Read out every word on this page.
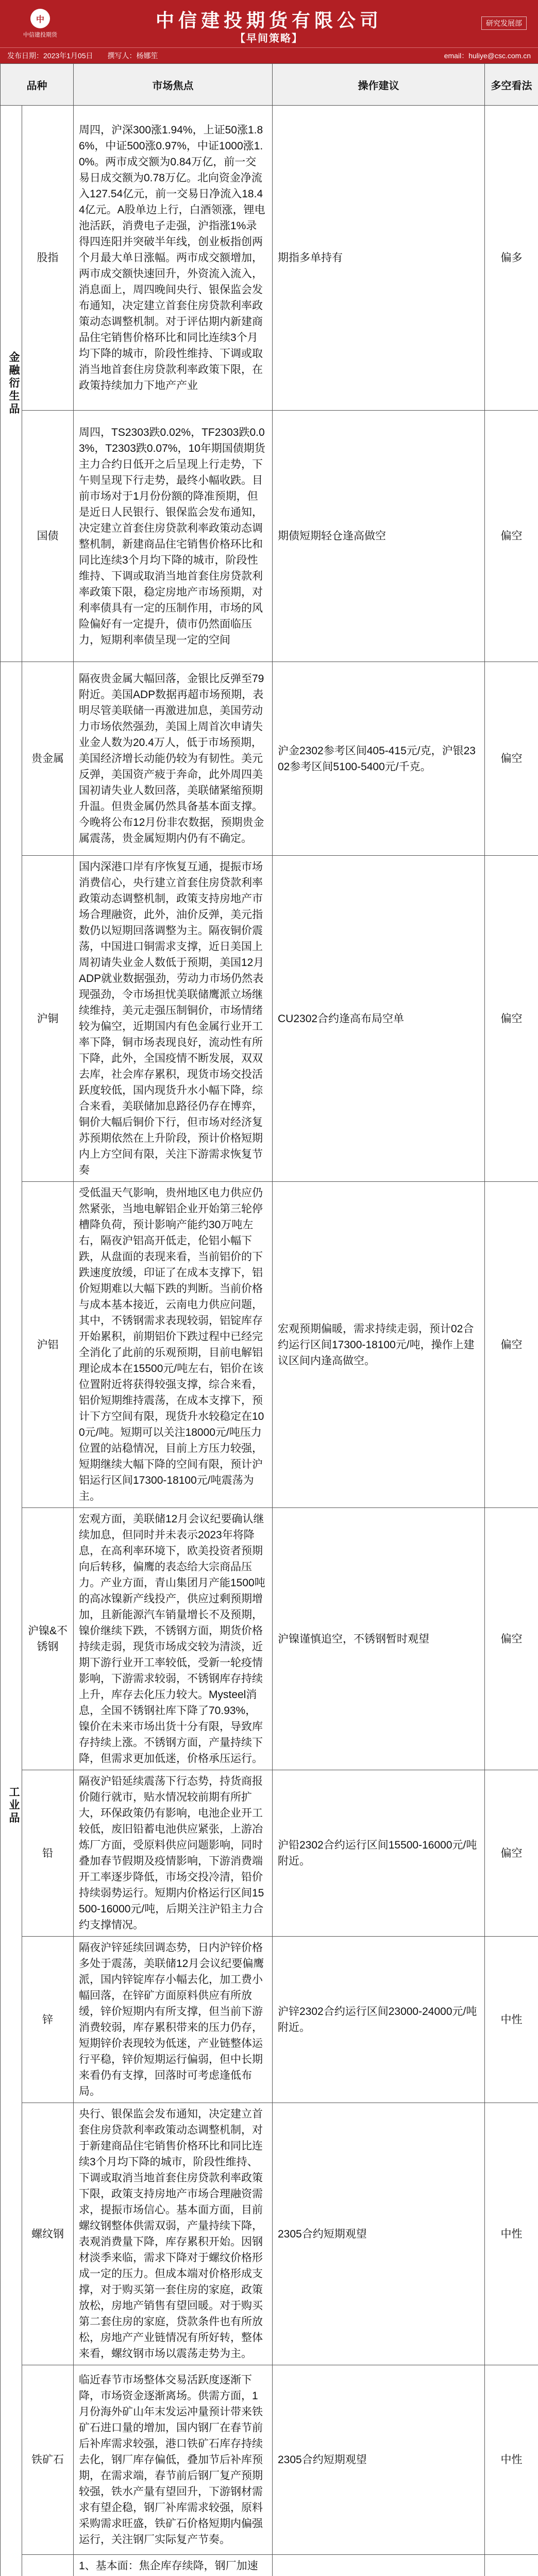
中
中信建投期货
中信建投期货有限公司
【早间策略】
研究发展部
发布日期：2023年1月05日	撰写人：杨娜笙	email：huliye@csc.com.cn
品种		市场焦点	操作建议	多空看法

金融衍生品	股指	周四，沪深300涨1.94%，上证50涨1.86%，中证500涨0.97%，中证1000涨1.0%。两市成交额为0.84万亿，前一交易日成交额为0.78万亿。北向资金净流入127.54亿元，前一交易日净流入18.44亿元。A股单边上行，白酒领涨，锂电池活跃，消费电子走强，沪指涨1%录得四连阳并突破半年线，创业板指创两个月最大单日涨幅。两市成交额增加，两市成交额快速回升，外资流入流入，消息面上，周四晚间央行、银保监会发布通知，决定建立首套住房贷款利率政策动态调整机制。对于评估期内新建商品住宅销售价格环比和同比连续3个月均下降的城市，阶段性维持、下调或取消当地首套住房贷款利率政策下限，在政策持续加力下地产产业	期指多单持有	偏多
	国债	周四，TS2303跌0.02%，TF2303跌0.03%，T2303跌0.07%，10年期国债期货主力合约日低开之后呈现上行走势，下午则呈现下行走势，最终小幅收跌。目前市场对于1月份份额的降准预期，但是近日人民银行、银保监会发布通知，决定建立首套住房贷款利率政策动态调整机制，新建商品住宅销售价格环比和同比连续3个月均下降的城市，阶段性维持、下调或取消当地首套住房贷款利率政策下限，稳定房地产市场预期，对利率债具有一定的压制作用，市场的风险偏好有一定提升，债市仍然面临压力，短期利率债呈现一定的空间	期债短期轻仓逢高做空	偏空

工业品	贵金属	隔夜贵金属大幅回落，金银比反弹至79附近。美国ADP数据再超市场预期，表明尽管美联储一再激进加息，美国劳动力市场依然强劲，美国上周首次申请失业金人数为20.4万人，低于市场预期，美国经济增长动能仍较为有韧性。美元反弹，美国资产疲于奔命，此外周四美国初请失业人数回落，美联储紧缩预期升温。但贵金属仍然具备基本面支撑。今晚将公布12月份非农数据，预期贵金属震荡，贵金属短期内仍有不确定。	沪金2302参考区间405-415元/克，沪银2302参考区间5100-5400元/千克。	偏空
	沪铜	国内深港口岸有序恢复互通，提振市场消费信心，央行建立首套住房贷款利率政策动态调整机制，政策支持房地产市场合理融资，此外，油价反弹，美元指数仍以短期回落调整为主。隔夜铜价震荡，中国进口铜需求支撑，近日美国上周初请失业金人数低于预期，美国12月ADP就业数据强劲，劳动力市场仍然表现强劲，令市场担忧美联储鹰派立场继续维持，美元走强压制铜价，市场情绪较为偏空，近期国内有色金属行业开工率下降，铜市场表现良好，流动性有所下降，此外，全国疫情不断发展，双双去库，社会库存累积，现货市场交投活跃度较低，国内现货升水小幅下降，综合来看，美联储加息路径仍存在博弈，铜价大幅后铜价下行，但市场对经济复苏预期依然在上升阶段，预计价格短期内上方空间有限，关注下游需求恢复节奏	CU2302合约逢高布局空单	偏空
	沪铝	受低温天气影响，贵州地区电力供应仍然紧张，当地电解铝企业开始第三轮停槽降负荷，预计影响产能约30万吨左右，隔夜沪铝高开低走，伦铝小幅下跌，从盘面的表现来看，当前铝价的下跌速度放缓，印证了在成本支撑下，铝价短期难以大幅下跌的判断。当前价格与成本基本接近，云南电力供应问题，其中，不锈钢需求表现较弱，铝锭库存开始累积，前期铝价下跌过程中已经完全消化了此前的乐观预期，目前电解铝理论成本在15500元/吨左右，铝价在该位置附近将获得较强支撑，综合来看，铝价短期维持震荡，在成本支撑下，预计下方空间有限，现货升水较稳定在100元/吨。短期可以关注18000元/吨压力位置的站稳情况，目前上方压力较强，短期继续大幅下降的空间有限，预计沪铝运行区间17300-18100元/吨震荡为主。	宏观预期偏暖，需求持续走弱，预计02合约运行区间17300-18100元/吨，操作上建议区间内逢高做空。	偏空
	沪镍&不锈钢	宏观方面，美联储12月会议纪要确认继续加息，但同时并未表示2023年将降息，在高利率环境下，欧美投资者预期向后转移，偏鹰的表态给大宗商品压力。产业方面，青山集团月产能1500吨的高冰镍新产线投产，供应过剩预期增加，且新能源汽车销量增长不及预期，镍价继续下跌，不锈钢方面，期货价格持续走弱，现货市场成交较为清淡，近期下游行业开工率较低，受新一轮疫情影响，下游需求较弱，不锈钢库存持续上升，库存去化压力较大。Mysteel消息，全国不锈钢社库下降了70.93%，镍价在未来市场出货十分有限，导致库存持续上涨。不锈钢方面，产量持续下降，但需求更加低迷，价格承压运行。	沪镍谨慎追空，不锈钢暂时观望	偏空
	铅	隔夜沪铅延续震荡下行态势，持货商报价随行就市，贴水情况较前期有所扩大，环保政策仍有影响，电池企业开工较低，废旧铅蓄电池供应紧张，上游冶炼厂方面，受原料供应问题影响，同时叠加春节假期及疫情影响，下游消费端开工率逐步降低，市场交投冷清，铅价持续弱势运行。短期内价格运行区间15500-16000元/吨，后期关注沪铅主力合约支撑情况。	沪铅2302合约运行区间15500-16000元/吨附近。	偏空
	锌	隔夜沪锌延续回调态势，日内沪锌价格多处于震荡，美联储12月会议纪要偏鹰派，国内锌锭库存小幅去化，加工费小幅回落，在锌矿方面原料供应有所放缓，锌价短期内有所支撑，但当前下游消费较弱，库存累积带来的压力仍存，短期锌价表现较为低迷，产业链整体运行平稳，锌价短期运行偏弱，但中长期来看仍有支撑，回落时可考虑逢低布局。	沪锌2302合约运行区间23000-24000元/吨附近。	中性
	螺纹钢	央行、银保监会发布通知，决定建立首套住房贷款利率政策动态调整机制，对于新建商品住宅销售价格环比和同比连续3个月均下降的城市，阶段性维持、下调或取消当地首套住房贷款利率政策下限，政策支持房地产市场合理融资需求，提振市场信心。基本面方面，目前螺纹钢整体供需双弱，产量持续下降，表观消费量下降，库存累积开始。因钢材淡季来临，需求下降对于螺纹价格形成一定的压力。但成本端对价格形成支撑，对于购买第一套住房的家庭，政策放松，房地产销售有望回暖。对于购买第二套住房的家庭，贷款条件也有所放松，房地产产业链情况有所好转，整体来看，螺纹钢市场以震荡走势为主。	2305合约短期观望	中性
	铁矿石	临近春节市场整体交易活跃度逐渐下降，市场资金逐渐离场。供需方面，1月份海外矿山年末发运冲量预计带来铁矿石进口量的增加，国内钢厂在春节前后补库需求较强，港口铁矿石库存持续去化，钢厂库存偏低，叠加节后补库预期，在需求端，春节前后钢厂复产预期较强，铁水产量有望回升，下游钢材需求有望企稳，钢厂补库需求较强，原料采购需求旺盛，铁矿石价格短期内偏强运行，关注钢厂实际复产节奏。	2305合约短期观望	中性
	1、基本面：焦企库存续降，钢厂加速		
